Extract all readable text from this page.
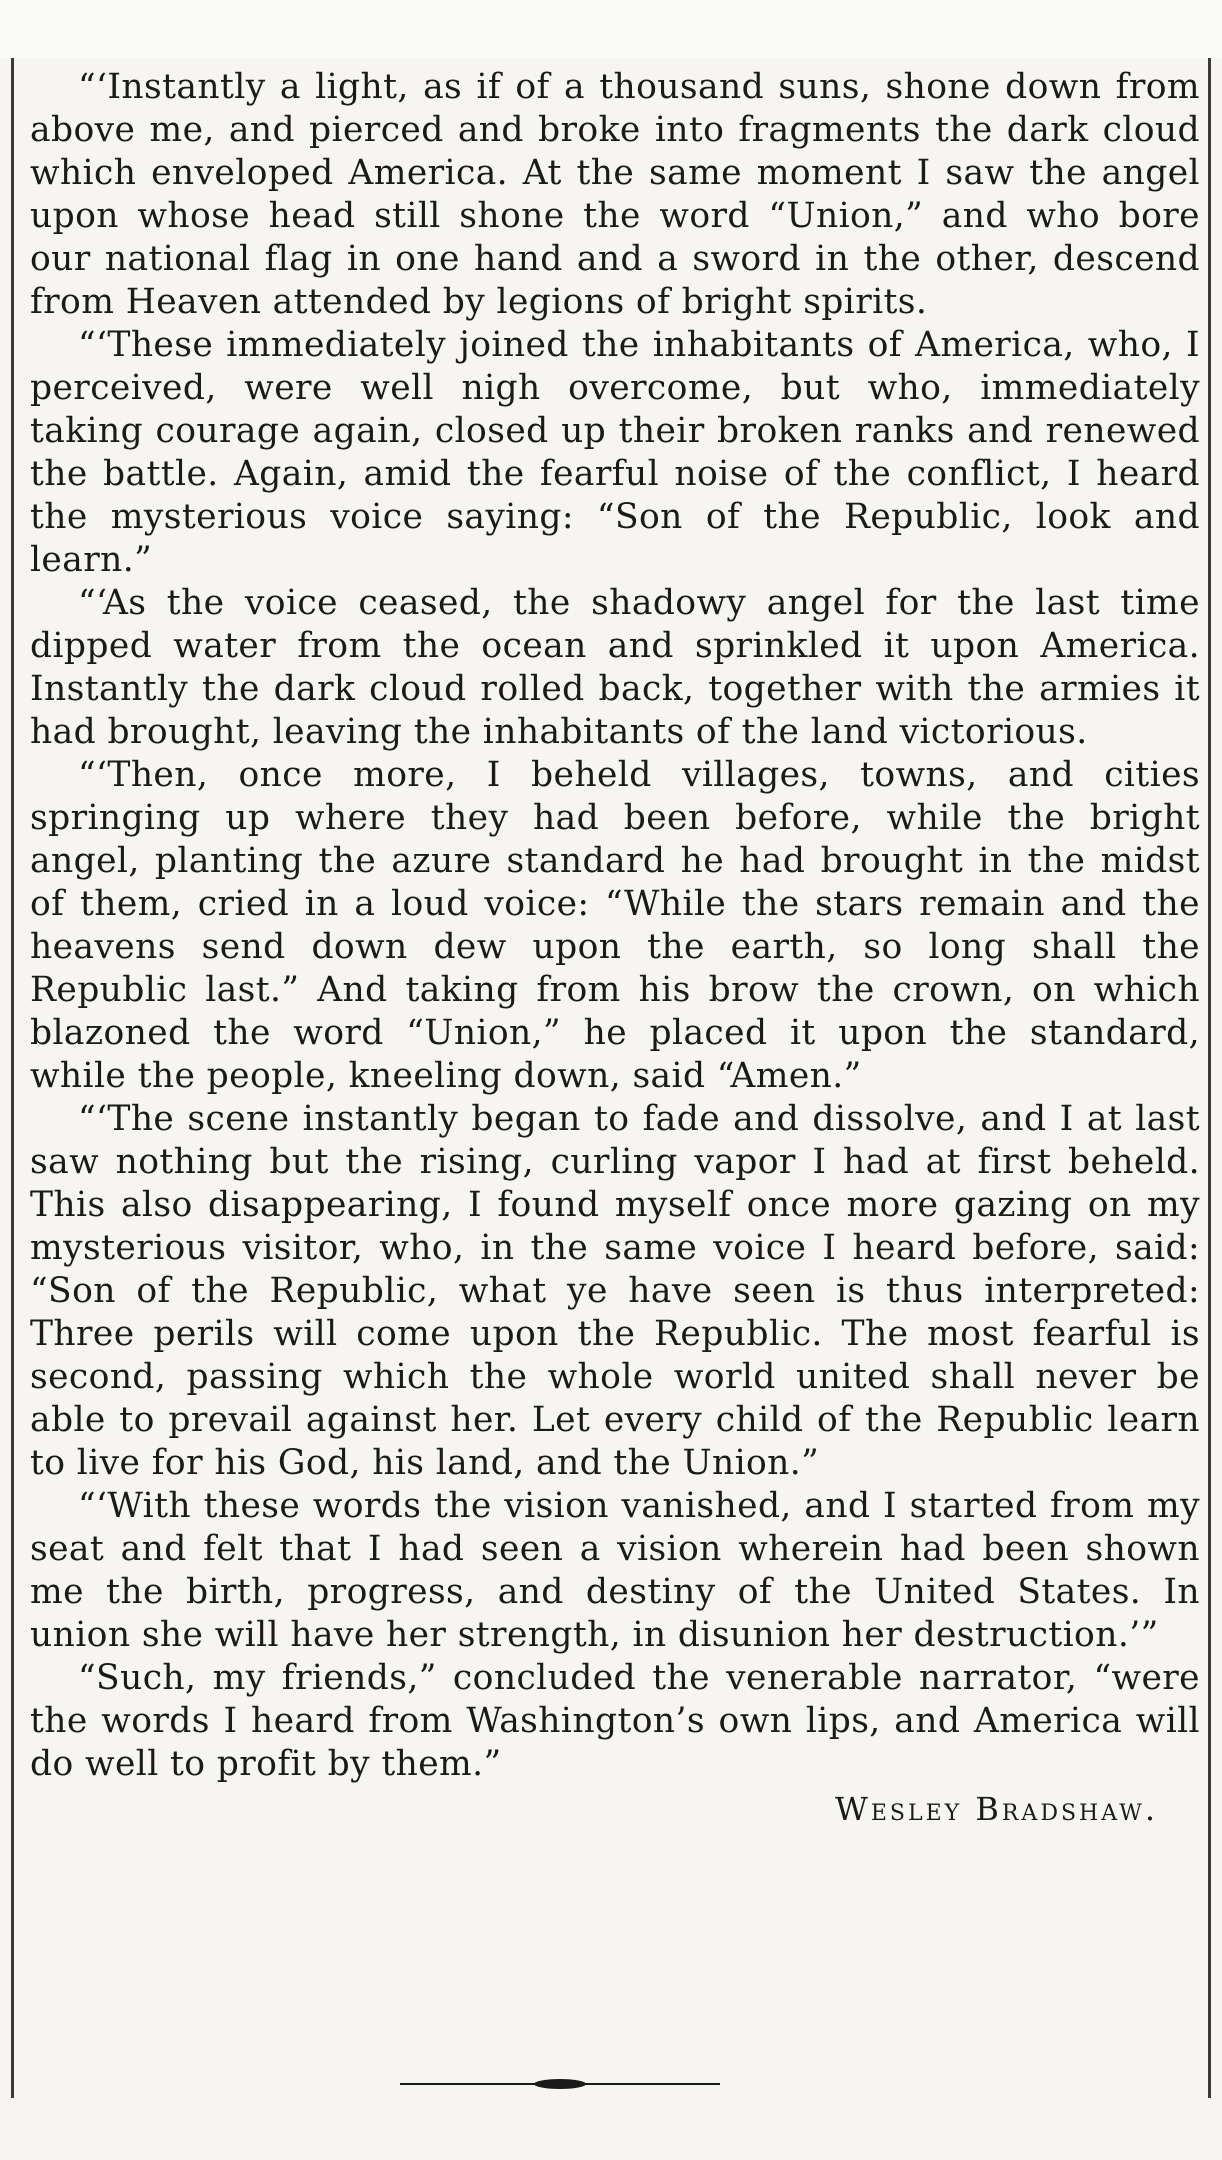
“‘Instantly a light, as if of a thousand suns, shone down from above me, and pierced and broke into fragments the dark cloud which enveloped America. At the same moment I saw the angel upon whose head still shone the word “Union,” and who bore our national flag in one hand and a sword in the other, descend from Heaven attended by legions of bright spirits.

“‘These immediately joined the inhabitants of America, who, I perceived, were well nigh overcome, but who, immediately taking courage again, closed up their broken ranks and renewed the battle. Again, amid the fearful noise of the conflict, I heard the mysterious voice saying: “Son of the Republic, look and learn.”

“‘As the voice ceased, the shadowy angel for the last time dipped water from the ocean and sprinkled it upon America. Instantly the dark cloud rolled back, together with the armies it had brought, leaving the inhabitants of the land victorious.

“‘Then, once more, I beheld villages, towns, and cities springing up where they had been before, while the bright angel, planting the azure standard he had brought in the midst of them, cried in a loud voice: “While the stars remain and the heavens send down dew upon the earth, so long shall the Republic last.” And taking from his brow the crown, on which blazoned the word “Union,” he placed it upon the standard, while the people, kneeling down, said “Amen.”

“‘The scene instantly began to fade and dissolve, and I at last saw nothing but the rising, curling vapor I had at first beheld. This also disappearing, I found myself once more gazing on my mysterious visitor, who, in the same voice I heard before, said: “Son of the Republic, what ye have seen is thus interpreted: Three perils will come upon the Republic. The most fearful is second, passing which the whole world united shall never be able to prevail against her. Let every child of the Republic learn to live for his God, his land, and the Union.”

“‘With these words the vision vanished, and I started from my seat and felt that I had seen a vision wherein had been shown me the birth, progress, and destiny of the United States. In union she will have her strength, in disunion her destruction.’”

“Such, my friends,” concluded the venerable narrator, “were the words I heard from Washington’s own lips, and America will do well to profit by them.”

Wesley Bradshaw.
